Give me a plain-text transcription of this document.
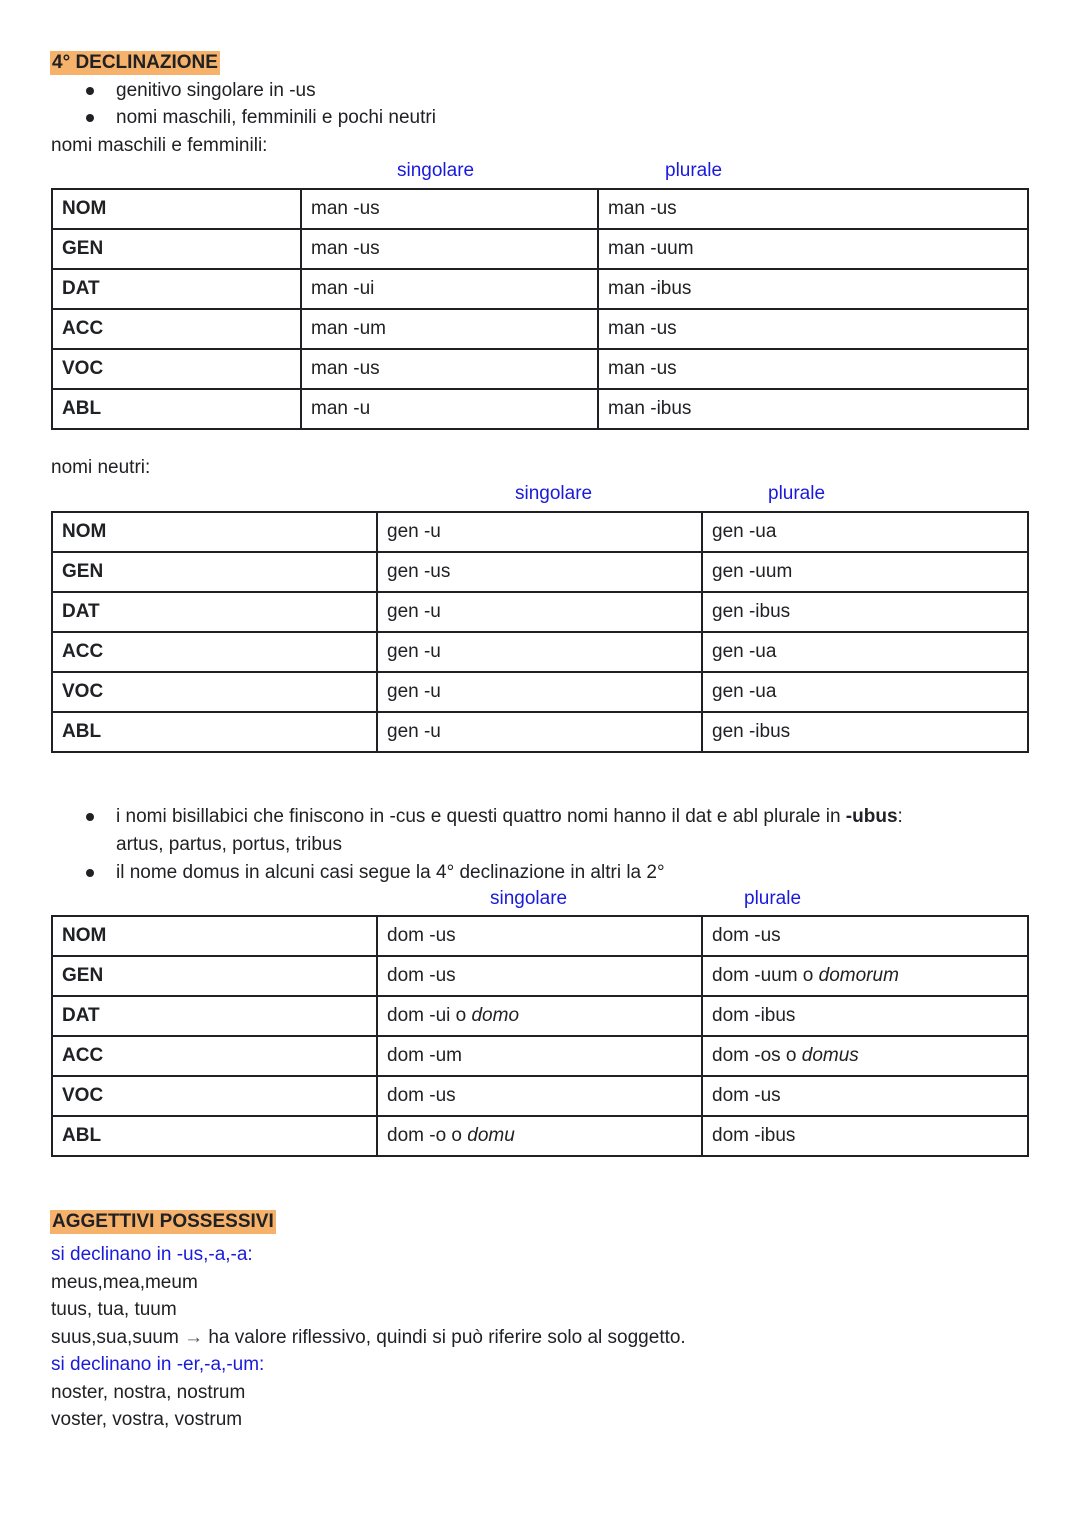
4° DECLINAZIONE
genitivo singolare in -us
nomi maschili, femminili e pochi neutri
nomi maschili e femminili:
singolare	plurale
NOM	man -us	man -us
GEN	man -us	man -uum
DAT	man -ui	man -ibus
ACC	man -um	man -us
VOC	man -us	man -us
ABL	man -u	man -ibus
nomi neutri:
singolare	plurale
NOM	gen -u	gen -ua
GEN	gen -us	gen -uum
DAT	gen -u	gen -ibus
ACC	gen -u	gen -ua
VOC	gen -u	gen -ua
ABL	gen -u	gen -ibus
i nomi bisillabici che finiscono in -cus e questi quattro nomi hanno il dat e abl plurale in -ubus:
artus, partus, portus, tribus
il nome domus in alcuni casi segue la 4° declinazione in altri la 2°
singolare	plurale
NOM	dom -us	dom -us
GEN	dom -us	dom -uum o domorum
DAT	dom -ui o domo	dom -ibus
ACC	dom -um	dom -os o domus
VOC	dom -us	dom -us
ABL	dom -o o domu	dom -ibus
AGGETTIVI POSSESSIVI
si declinano in -us,-a,-a:
meus,mea,meum
tuus, tua, tuum
suus,sua,suum → ha valore riflessivo, quindi si può riferire solo al soggetto.
si declinano in -er,-a,-um:
noster, nostra, nostrum
voster, vostra, vostrum
